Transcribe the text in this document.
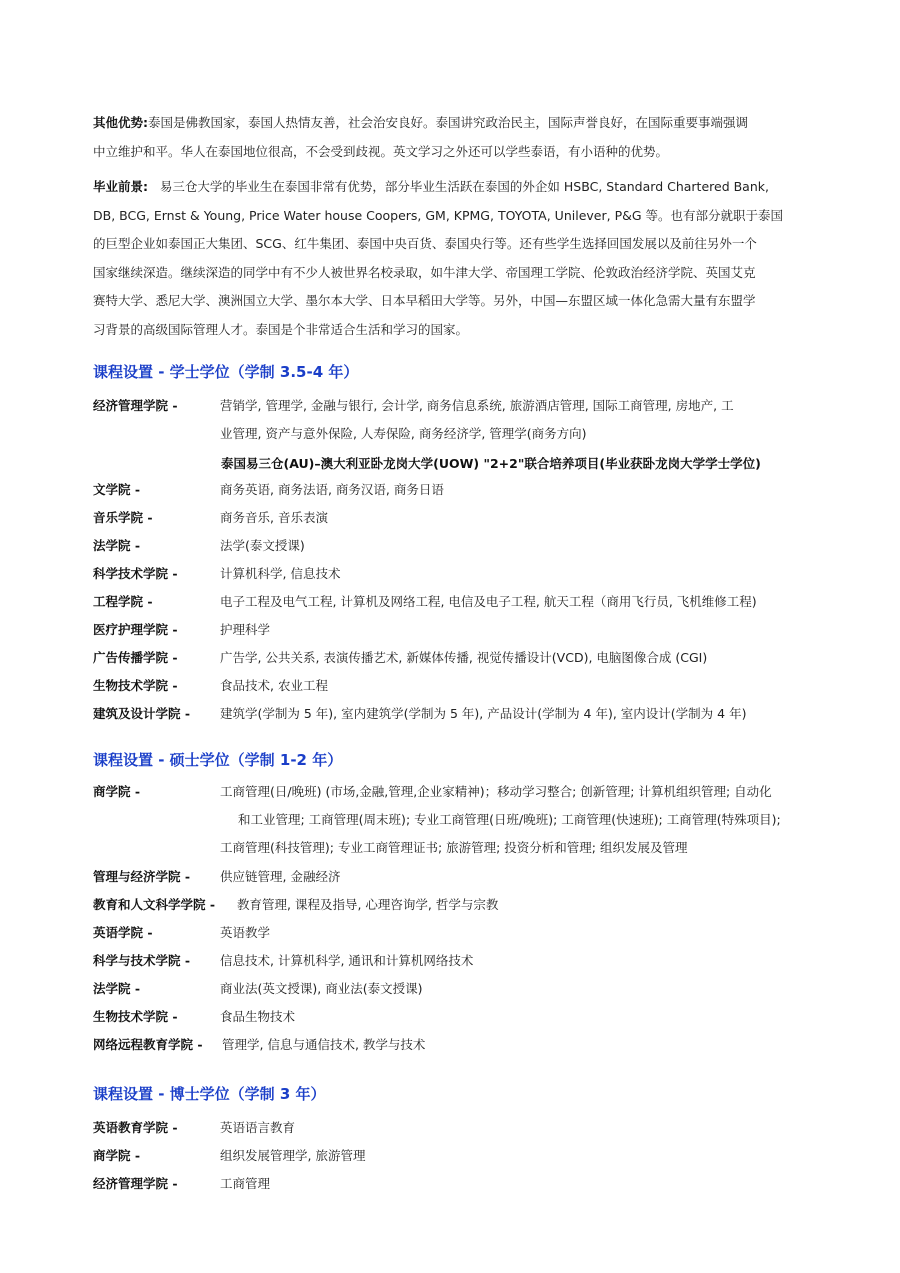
其他优势:泰国是佛教国家，泰国人热情友善，社会治安良好。泰国讲究政治民主，国际声誉良好，在国际重要事端强调
中立维护和平。华人在泰国地位很高，不会受到歧视。英文学习之外还可以学些泰语，有小语种的优势。
毕业前景: 易三仓大学的毕业生在泰国非常有优势，部分毕业生活跃在泰国的外企如 HSBC, Standard Chartered Bank,
DB, BCG, Ernst & Young, Price Water house Coopers, GM, KPMG, TOYOTA, Unilever, P&G 等。也有部分就职于泰国
的巨型企业如泰国正大集团、SCG、红牛集团、泰国中央百货、泰国央行等。还有些学生选择回国发展以及前往另外一个
国家继续深造。继续深造的同学中有不少人被世界名校录取，如牛津大学、帝国理工学院、伦敦政治经济学院、英国艾克
赛特大学、悉尼大学、澳洲国立大学、墨尔本大学、日本早稻田大学等。另外，中国—东盟区域一体化急需大量有东盟学
习背景的高级国际管理人才。泰国是个非常适合生活和学习的国家。
课程设置 - 学士学位（学制 3.5-4 年）
经济管理学院 -	营销学, 管理学, 金融与银行, 会计学, 商务信息系统, 旅游酒店管理, 国际工商管理, 房地产, 工
业管理, 资产与意外保险, 人寿保险, 商务经济学, 管理学(商务方向)
泰国易三仓(AU)–澳大利亚卧龙岗大学(UOW) "2+2"联合培养项目(毕业获卧龙岗大学学士学位)
文学院 -	商务英语, 商务法语, 商务汉语, 商务日语
音乐学院 -	商务音乐, 音乐表演
法学院 -	法学(泰文授课)
科学技术学院 -	计算机科学, 信息技术
工程学院 -	电子工程及电气工程, 计算机及网络工程, 电信及电子工程, 航天工程（商用飞行员, 飞机维修工程)
医疗护理学院 -	护理科学
广告传播学院 -	广告学, 公共关系, 表演传播艺术, 新媒体传播, 视觉传播设计(VCD), 电脑图像合成 (CGI)
生物技术学院 -	食品技术, 农业工程
建筑及设计学院 - 建筑学(学制为 5 年), 室内建筑学(学制为 5 年), 产品设计(学制为 4 年), 室内设计(学制为 4 年)
课程设置 - 硕士学位（学制 1-2 年）
商学院 -	工商管理(日/晚班) (市场,金融,管理,企业家精神)；移动学习整合; 创新管理; 计算机组织管理; 自动化
和工业管理; 工商管理(周末班); 专业工商管理(日班/晚班); 工商管理(快速班); 工商管理(特殊项目);
工商管理(科技管理); 专业工商管理证书; 旅游管理; 投资分析和管理; 组织发展及管理
管理与经济学院 - 供应链管理, 金融经济
教育和人文科学学院 - 教育管理, 课程及指导, 心理咨询学, 哲学与宗教
英语学院 -	英语教学
科学与技术学院 - 信息技术, 计算机科学, 通讯和计算机网络技术
法学院 -	商业法(英文授课), 商业法(泰文授课)
生物技术学院 -	食品生物技术
网络远程教育学院 - 管理学, 信息与通信技术, 教学与技术
课程设置 - 博士学位（学制 3 年）
英语教育学院 -	英语语言教育
商学院 -	组织发展管理学, 旅游管理
经济管理学院 -	工商管理
